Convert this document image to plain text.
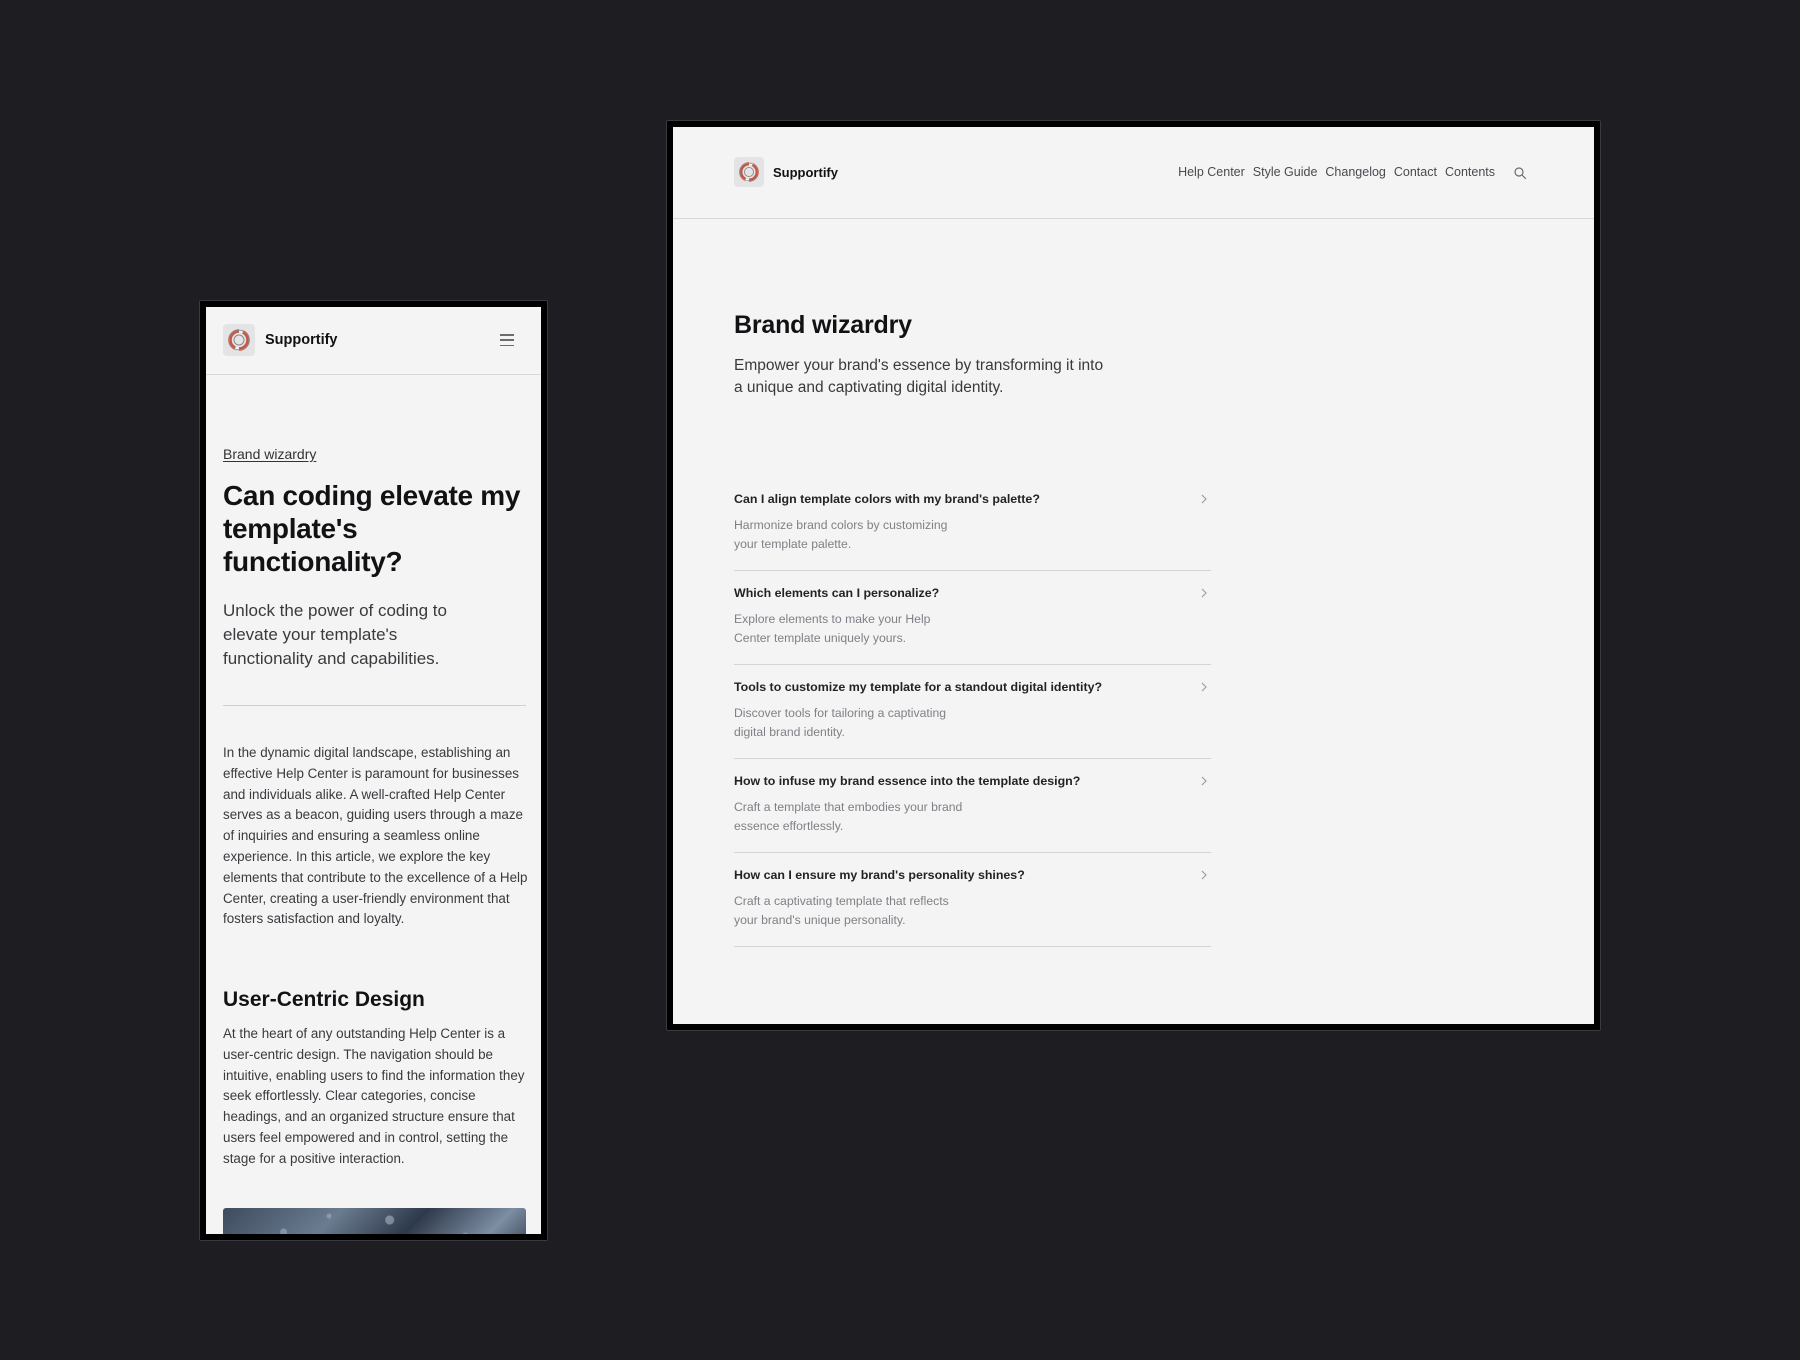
Supportify
Brand wizardry
Can coding elevate my template's functionality?

Unlock the power of coding to elevate your template's functionality and capabilities.

In the dynamic digital landscape, establishing an effective Help Center is paramount for businesses and individuals alike. A well-crafted Help Center serves as a beacon, guiding users through a maze of inquiries and ensuring a seamless online experience. In this article, we explore the key elements that contribute to the excellence of a Help Center, creating a user-friendly environment that fosters satisfaction and loyalty.

User-Centric Design

At the heart of any outstanding Help Center is a user-centric design. The navigation should be intuitive, enabling users to find the information they seek effortlessly. Clear categories, concise headings, and an organized structure ensure that users feel empowered and in control, setting the stage for a positive interaction.

Supportify	Help Center Style Guide Changelog Contact Contents
Brand wizardry

Empower your brand's essence by transforming it into a unique and captivating digital identity.

Can I align template colors with my brand's palette?
Harmonize brand colors by customizing your template palette.
Which elements can I personalize?
Explore elements to make your Help Center template uniquely yours.
Tools to customize my template for a standout digital identity?
Discover tools for tailoring a captivating digital brand identity.
How to infuse my brand essence into the template design?
Craft a template that embodies your brand essence effortlessly.
How can I ensure my brand's personality shines?
Craft a captivating template that reflects your brand's unique personality.
